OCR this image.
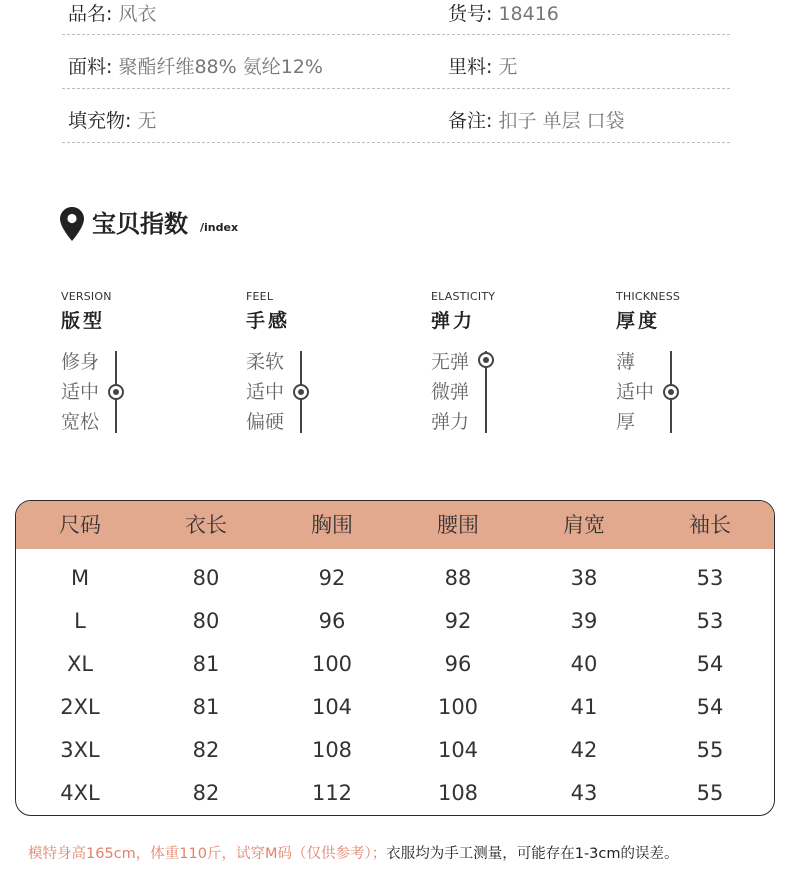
品名: 风衣	货号: 18416
面料: 聚酯纤维88% 氨纶12%	里料: 无
填充物: 无	备注: 扣子 单层 口袋
宝贝指数 /index
VERSION
版型
修身
适中
宽松
FEEL
手感
柔软
适中
偏硬
ELASTICITY
弹力
无弹
微弹
弹力
THICKNESS
厚度
薄
适中
厚
尺码	衣长	胸围	腰围	肩宽	袖长
M	80	92	88	38	53
L	80	96	92	39	53
XL	81	100	96	40	54
2XL	81	104	100	41	54
3XL	82	108	104	42	55
4XL	82	112	108	43	55
模特身高165cm，体重110斤，试穿M码（仅供参考）；衣服均为手工测量，可能存在1-3cm的误差。
